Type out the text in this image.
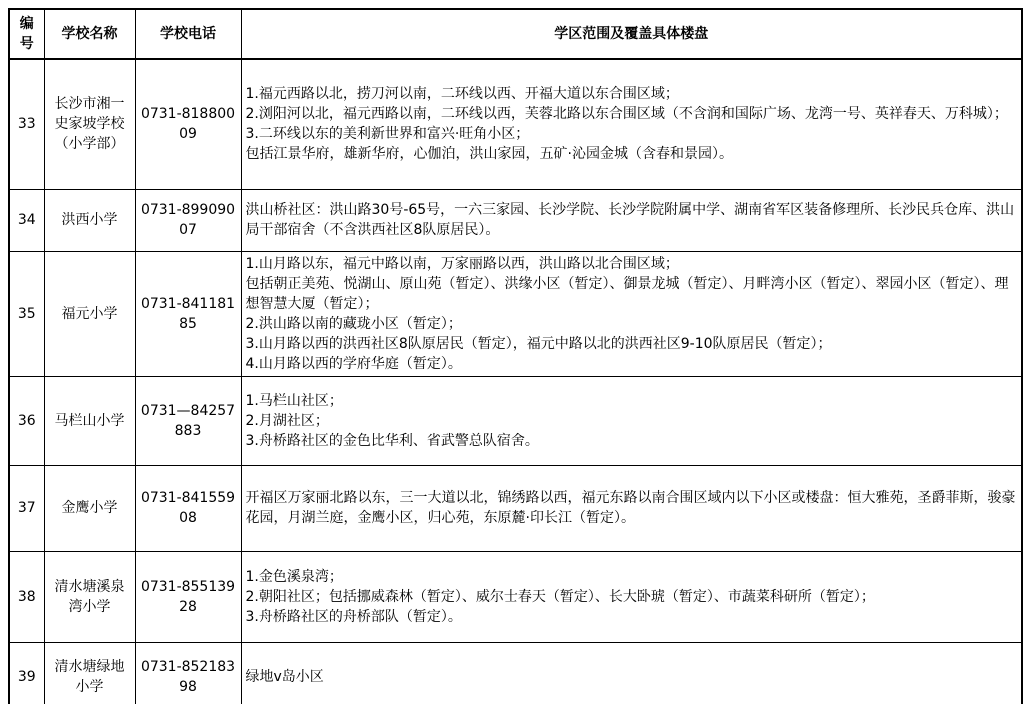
编号	学校名称	学校电话	学区范围及覆盖具体楼盘
33	长沙市湘一史家坡学校（小学部）	0731-81880009	1.福元西路以北，捞刀河以南，二环线以西、开福大道以东合围区域；
2.浏阳河以北，福元西路以南，二环线以西，芙蓉北路以东合围区域（不含润和国际广场、龙湾一号、英祥春天、万科城）；
3.二环线以东的美利新世界和富兴·旺角小区；
包括江景华府，雄新华府，心伽泊，洪山家园，五矿·沁园金城（含春和景园）。
34	洪西小学	0731-89909007	洪山桥社区：洪山路30号-65号，一六三家园、长沙学院、长沙学院附属中学、湖南省军区装备修理所、长沙民兵仓库、洪山局干部宿舍（不含洪西社区8队原居民）。
35	福元小学	0731-84118185	1.山月路以东，福元中路以南，万家丽路以西，洪山路以北合围区域；
包括朝正美苑、悦湖山、原山苑（暂定）、洪缘小区（暂定）、御景龙城（暂定）、月畔湾小区（暂定）、翠园小区（暂定）、理想智慧大厦（暂定）；
2.洪山路以南的藏珑小区（暂定）；
3.山月路以西的洪西社区8队原居民（暂定），福元中路以北的洪西社区9-10队原居民（暂定）；
4.山月路以西的学府华庭（暂定）。
36	马栏山小学	0731—84257883	1.马栏山社区；
2.月湖社区；
3.舟桥路社区的金色比华利、省武警总队宿舍。
37	金鹰小学	0731-84155908	开福区万家丽北路以东，三一大道以北，锦绣路以西，福元东路以南合围区域内以下小区或楼盘：恒大雅苑，圣爵菲斯，骏豪花园，月湖兰庭，金鹰小区，归心苑，东原麓·印长江（暂定）。
38	清水塘溪泉湾小学	0731-85513928	1.金色溪泉湾；
2.朝阳社区；包括挪威森林（暂定）、威尔士春天（暂定）、长大卧琥（暂定）、市蔬菜科研所（暂定）；
3.舟桥路社区的舟桥部队（暂定）。
39	清水塘绿地小学	0731-85218398	绿地v岛小区
